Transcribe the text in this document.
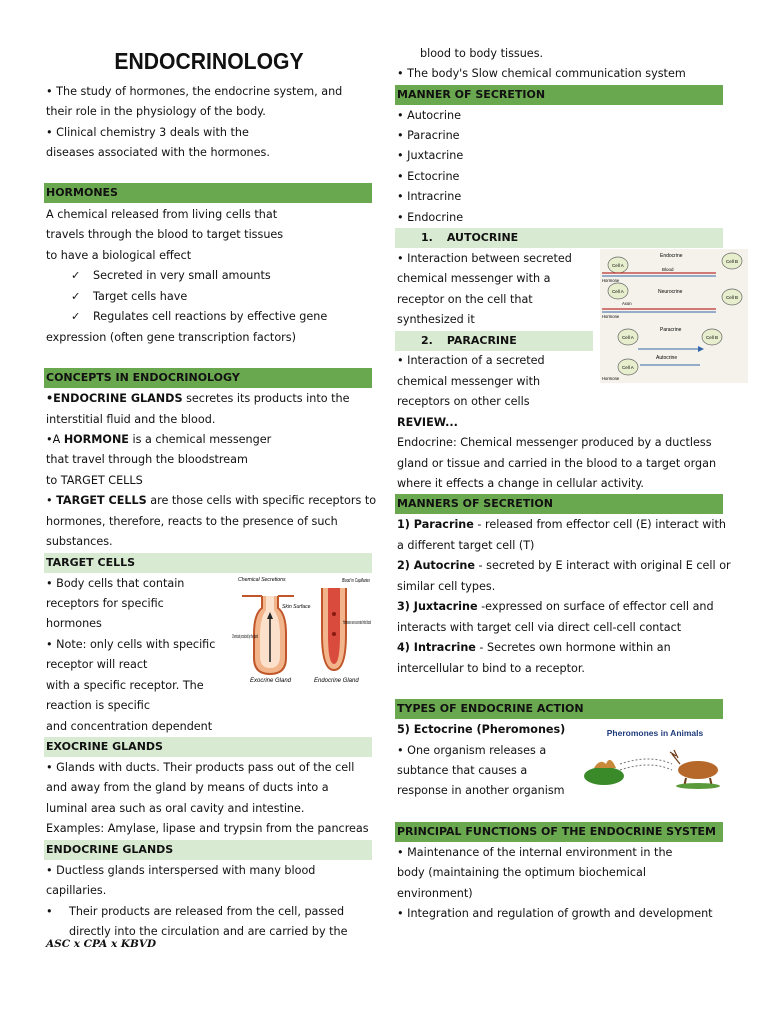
ENDOCRINOLOGY
• The study of hormones, the endocrine system, and
their role in the physiology of the body.
• Clinical chemistry 3 deals with the
diseases associated with the hormones.
HORMONES
A chemical released from living cells that
travels through the blood to target tissues
to have a biological effect
✓ Secreted in very small amounts
✓ Target cells have
✓ Regulates cell reactions by effective gene
expression (often gene transcription factors)
CONCEPTS IN ENDOCRINOLOGY
•ENDOCRINE GLANDS secretes its products into the
interstitial fluid and the blood.
•A HORMONE is a chemical messenger
that travel through the bloodstream
to TARGET CELLS
• TARGET CELLS are those cells with specific receptors to
hormones, therefore, reacts to the presence of such
substances.
TARGET CELLS
• Body cells that contain
receptors for specific
hormones
• Note: only cells with specific
receptor will react
with a specific receptor. The
reaction is specific
and concentration dependent
Chemical Secretions
Skin Surface
Chemicals produced by the gland
Blood in Capillaries
Hormones are secreted into blood
Exocrine Gland	Endocrine Gland
EXOCRINE GLANDS
• Glands with ducts. Their products pass out of the cell
and away from the gland by means of ducts into a
luminal area such as oral cavity and intestine.
Examples: Amylase, lipase and trypsin from the pancreas
ENDOCRINE GLANDS
• Ductless glands interspersed with many blood
capillaries.
• Their products are released from the cell, passed
directly into the circulation and are carried by the
ASC x CPA x KBVD
blood to body tissues.
• The body's Slow chemical communication system
MANNER OF SECRETION
• Autocrine
• Paracrine
• Juxtacrine
• Ectocrine
• Intracrine
• Endocrine
1. AUTOCRINE
• Interaction between secreted
chemical messenger with a
receptor on the cell that
synthesized it
2. PARACRINE
• Interaction of a secreted
chemical messenger with
receptors on other cells
Endocrine
Cell A
Cell B
Blood
Hormone
Neurocrine
Cell A
Cell B
Axon
Hormone
Paracrine
Cell A	Cell B
Autocrine
Cell A
Hormone
REVIEW...
Endocrine: Chemical messenger produced by a ductless
gland or tissue and carried in the blood to a target organ
where it effects a change in cellular activity.
MANNERS OF SECRETION
1) Paracrine - released from effector cell (E) interact with
a different target cell (T)
2) Autocrine - secreted by E interact with original E cell or
similar cell types.
3) Juxtacrine -expressed on surface of effector cell and
interacts with target cell via direct cell-cell contact
4) Intracrine - Secretes own hormone within an
intercellular to bind to a receptor.
TYPES OF ENDOCRINE ACTION
5) Ectocrine (Pheromones)
• One organism releases a
subtance that causes a
response in another organism
Pheromones in Animals
PRINCIPAL FUNCTIONS OF THE ENDOCRINE SYSTEM
• Maintenance of the internal environment in the
body (maintaining the optimum biochemical
environment)
• Integration and regulation of growth and development
